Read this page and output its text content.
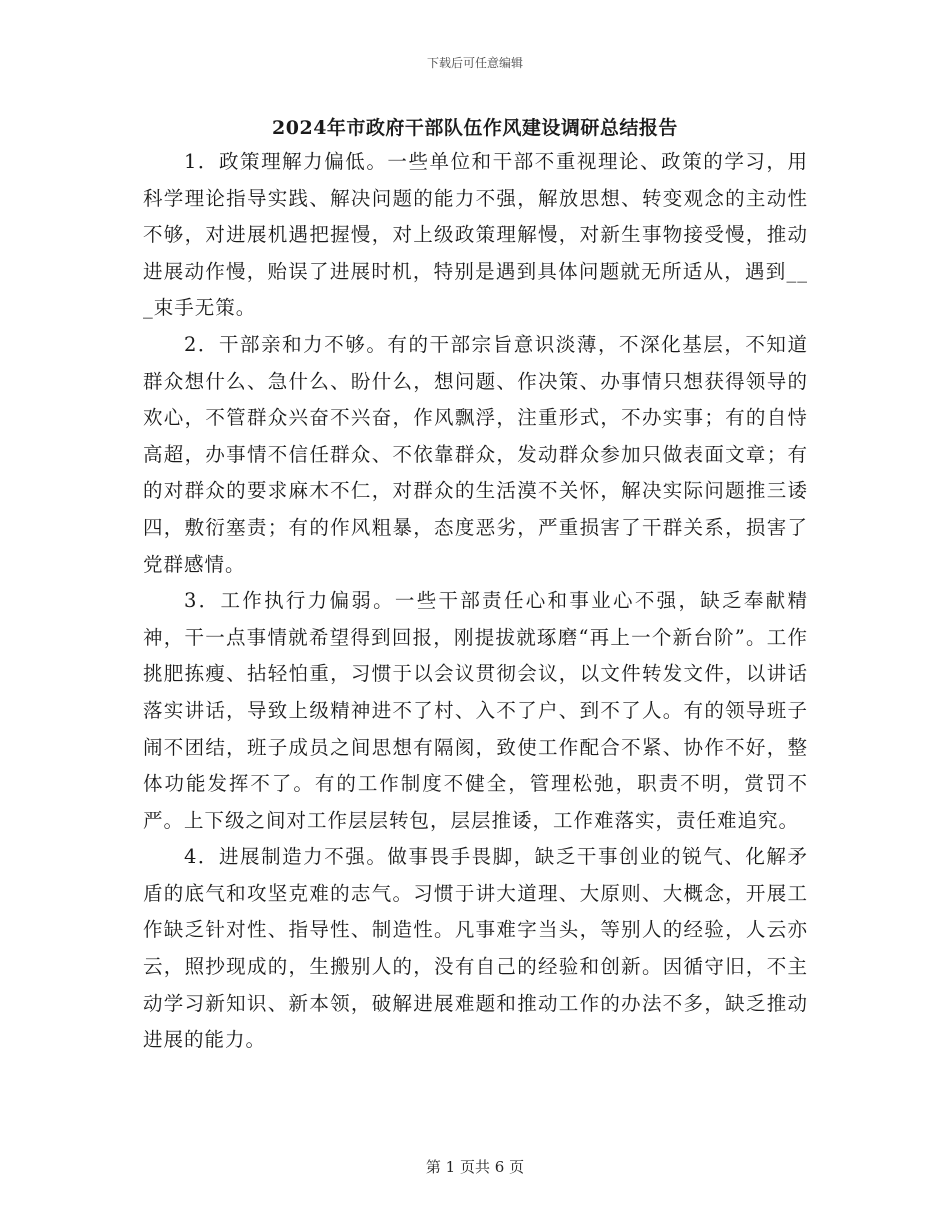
下载后可任意编辑
2024年市政府干部队伍作风建设调研总结报告

1．政策理解力偏低。一些单位和干部不重视理论、政策的学习，用科学理论指导实践、解决问题的能力不强，解放思想、转变观念的主动性不够，对进展机遇把握慢，对上级政策理解慢，对新生事物接受慢，推动进展动作慢，贻误了进展时机，特别是遇到具体问题就无所适从，遇到___束手无策。

2．干部亲和力不够。有的干部宗旨意识淡薄，不深化基层，不知道群众想什么、急什么、盼什么，想问题、作决策、办事情只想获得领导的欢心，不管群众兴奋不兴奋，作风飘浮，注重形式，不办实事；有的自恃高超，办事情不信任群众、不依靠群众，发动群众参加只做表面文章；有的对群众的要求麻木不仁，对群众的生活漠不关怀，解决实际问题推三诿四，敷衍塞责；有的作风粗暴，态度恶劣，严重损害了干群关系，损害了党群感情。

3．工作执行力偏弱。一些干部责任心和事业心不强，缺乏奉献精神，干一点事情就希望得到回报，刚提拔就琢磨“再上一个新台阶”。工作挑肥拣瘦、拈轻怕重，习惯于以会议贯彻会议，以文件转发文件，以讲话落实讲话，导致上级精神进不了村、入不了户、到不了人。有的领导班子闹不团结，班子成员之间思想有隔阂，致使工作配合不紧、协作不好，整体功能发挥不了。有的工作制度不健全，管理松弛，职责不明，赏罚不严。上下级之间对工作层层转包，层层推诿，工作难落实，责任难追究。

4．进展制造力不强。做事畏手畏脚，缺乏干事创业的锐气、化解矛盾的底气和攻坚克难的志气。习惯于讲大道理、大原则、大概念，开展工作缺乏针对性、指导性、制造性。凡事难字当头，等别人的经验，人云亦云，照抄现成的，生搬别人的，没有自己的经验和创新。因循守旧，不主动学习新知识、新本领，破解进展难题和推动工作的办法不多，缺乏推动进展的能力。

第 1 页共 6 页
